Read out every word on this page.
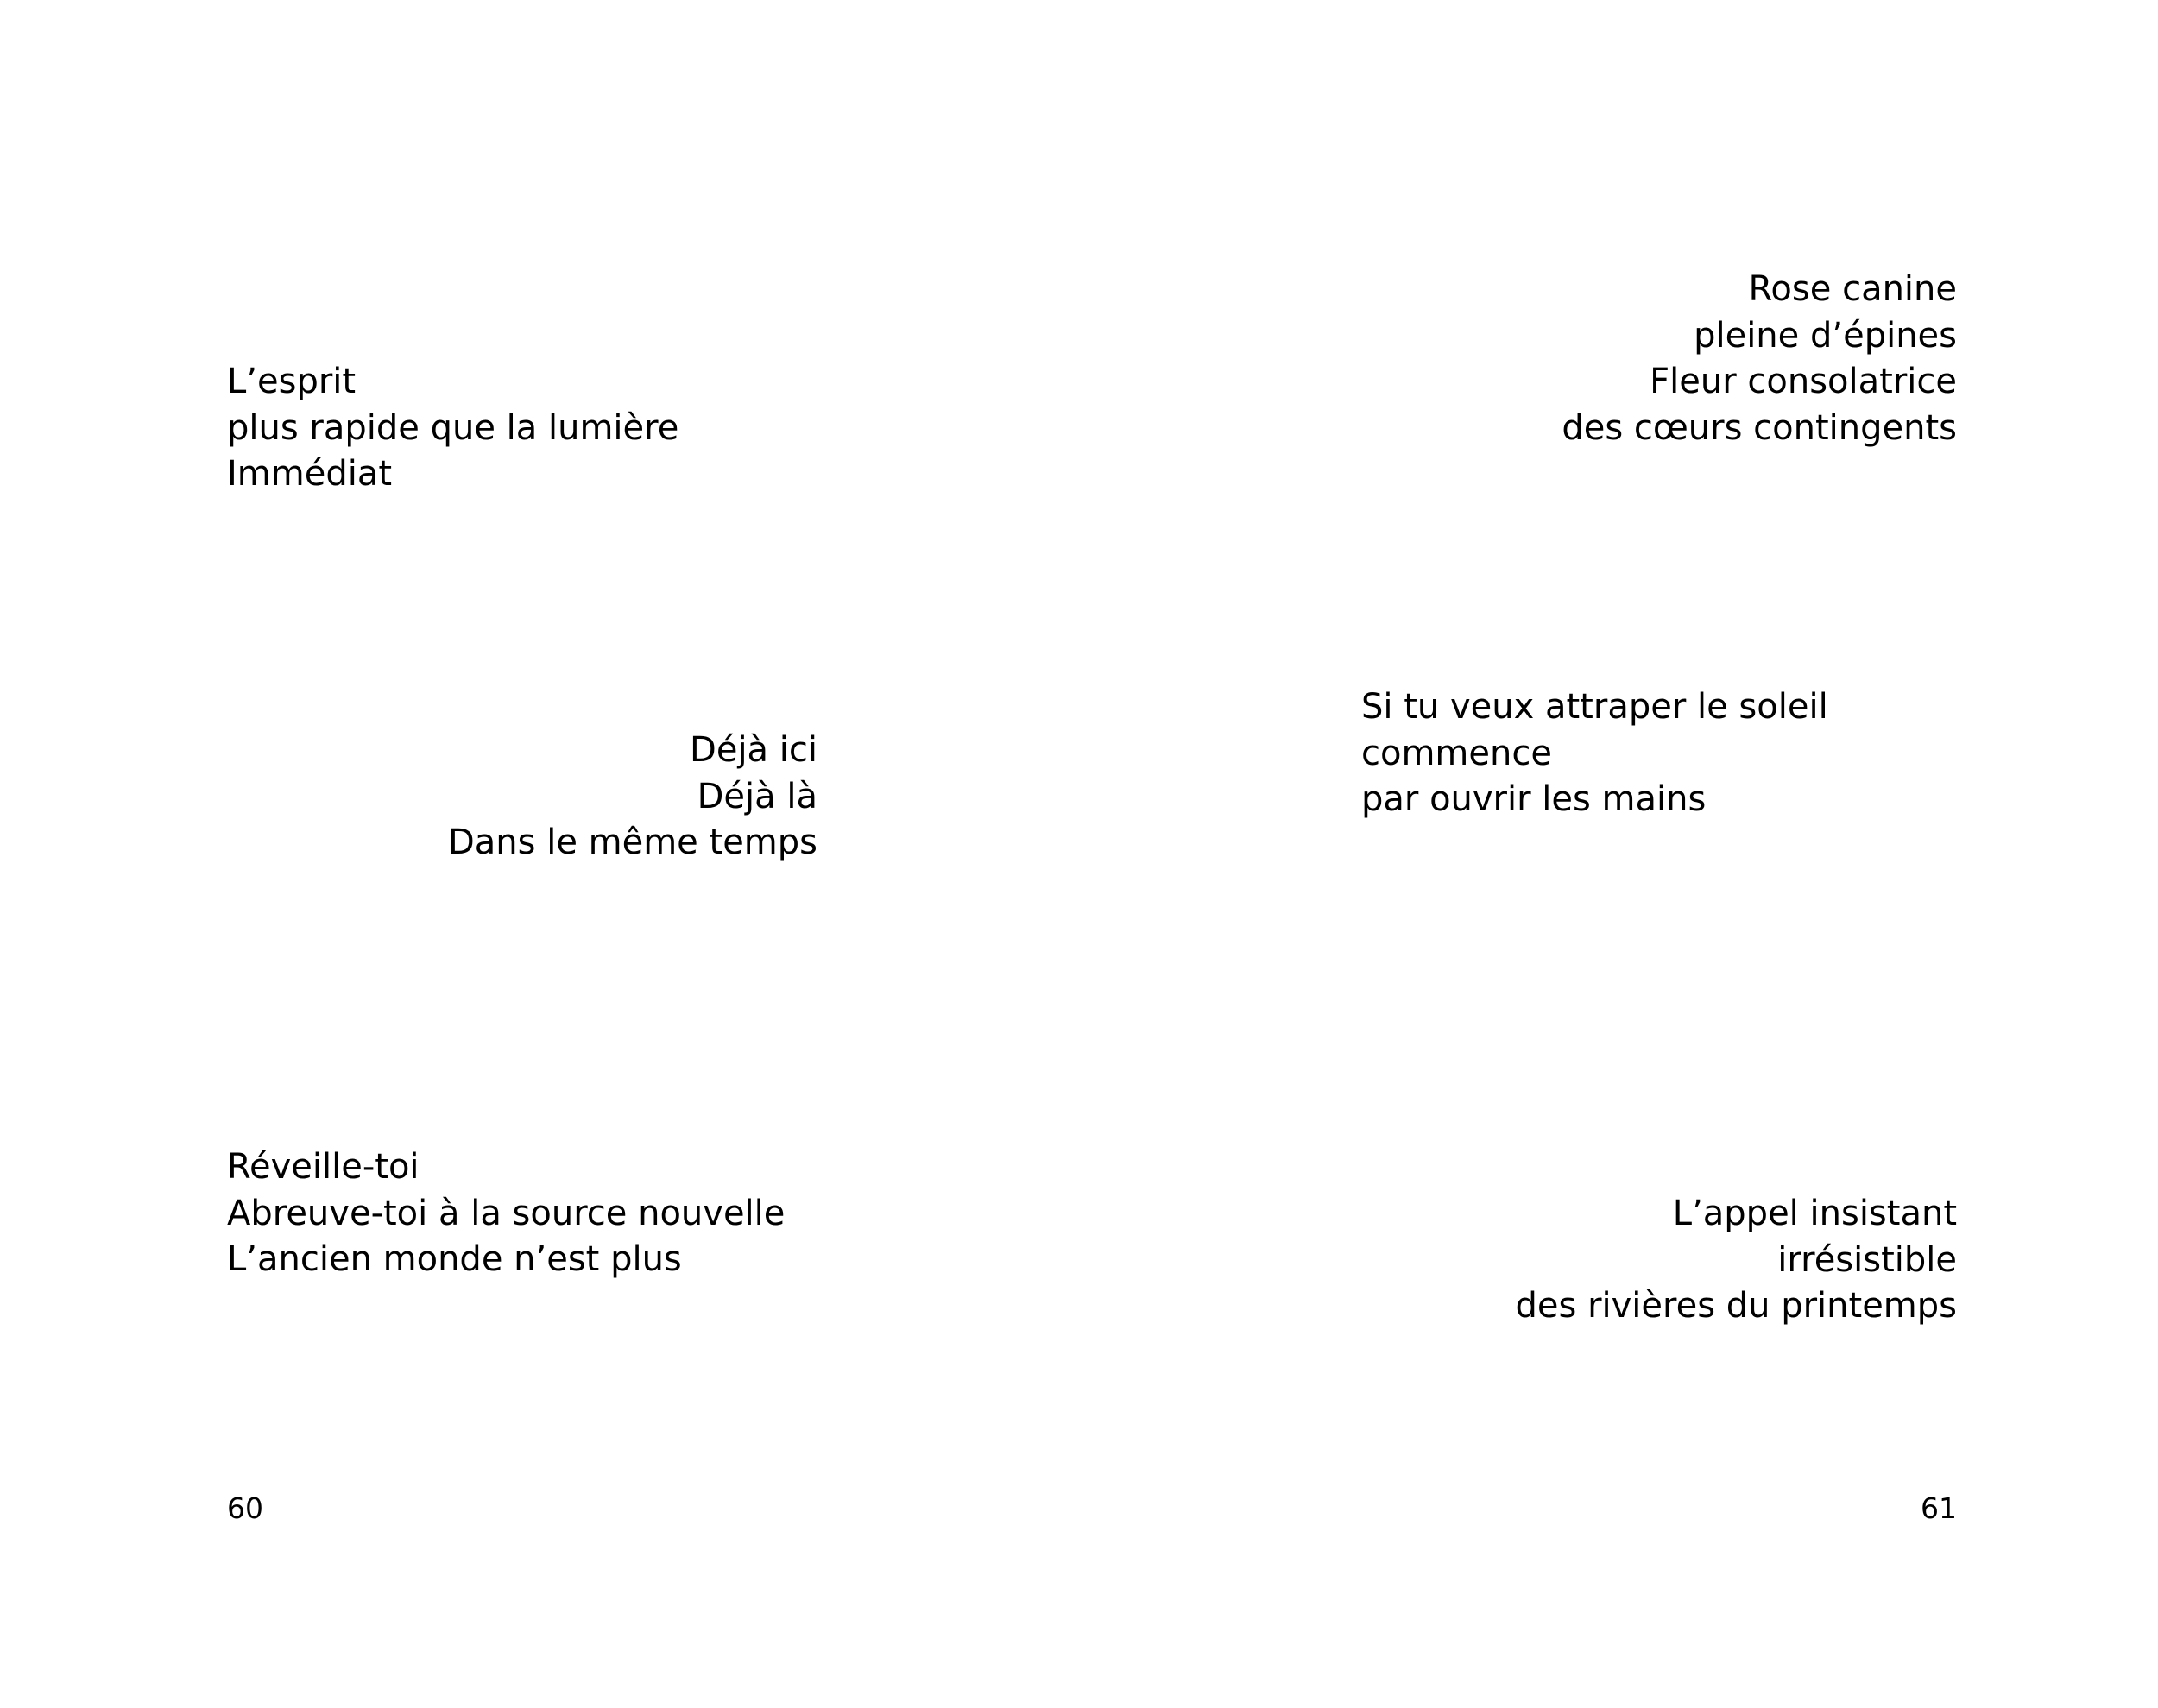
L’esprit
plus rapide que la lumière
Immédiat
Déjà ici
Déjà là
Dans le même temps
Réveille-toi
Abreuve-toi à la source nouvelle
L’ancien monde n’est plus
60
Rose canine
pleine d’épines
Fleur consolatrice
des cœurs contingents
Si tu veux attraper le soleil
commence
par ouvrir les mains
L’appel insistant
irrésistible
des rivières du printemps
61
